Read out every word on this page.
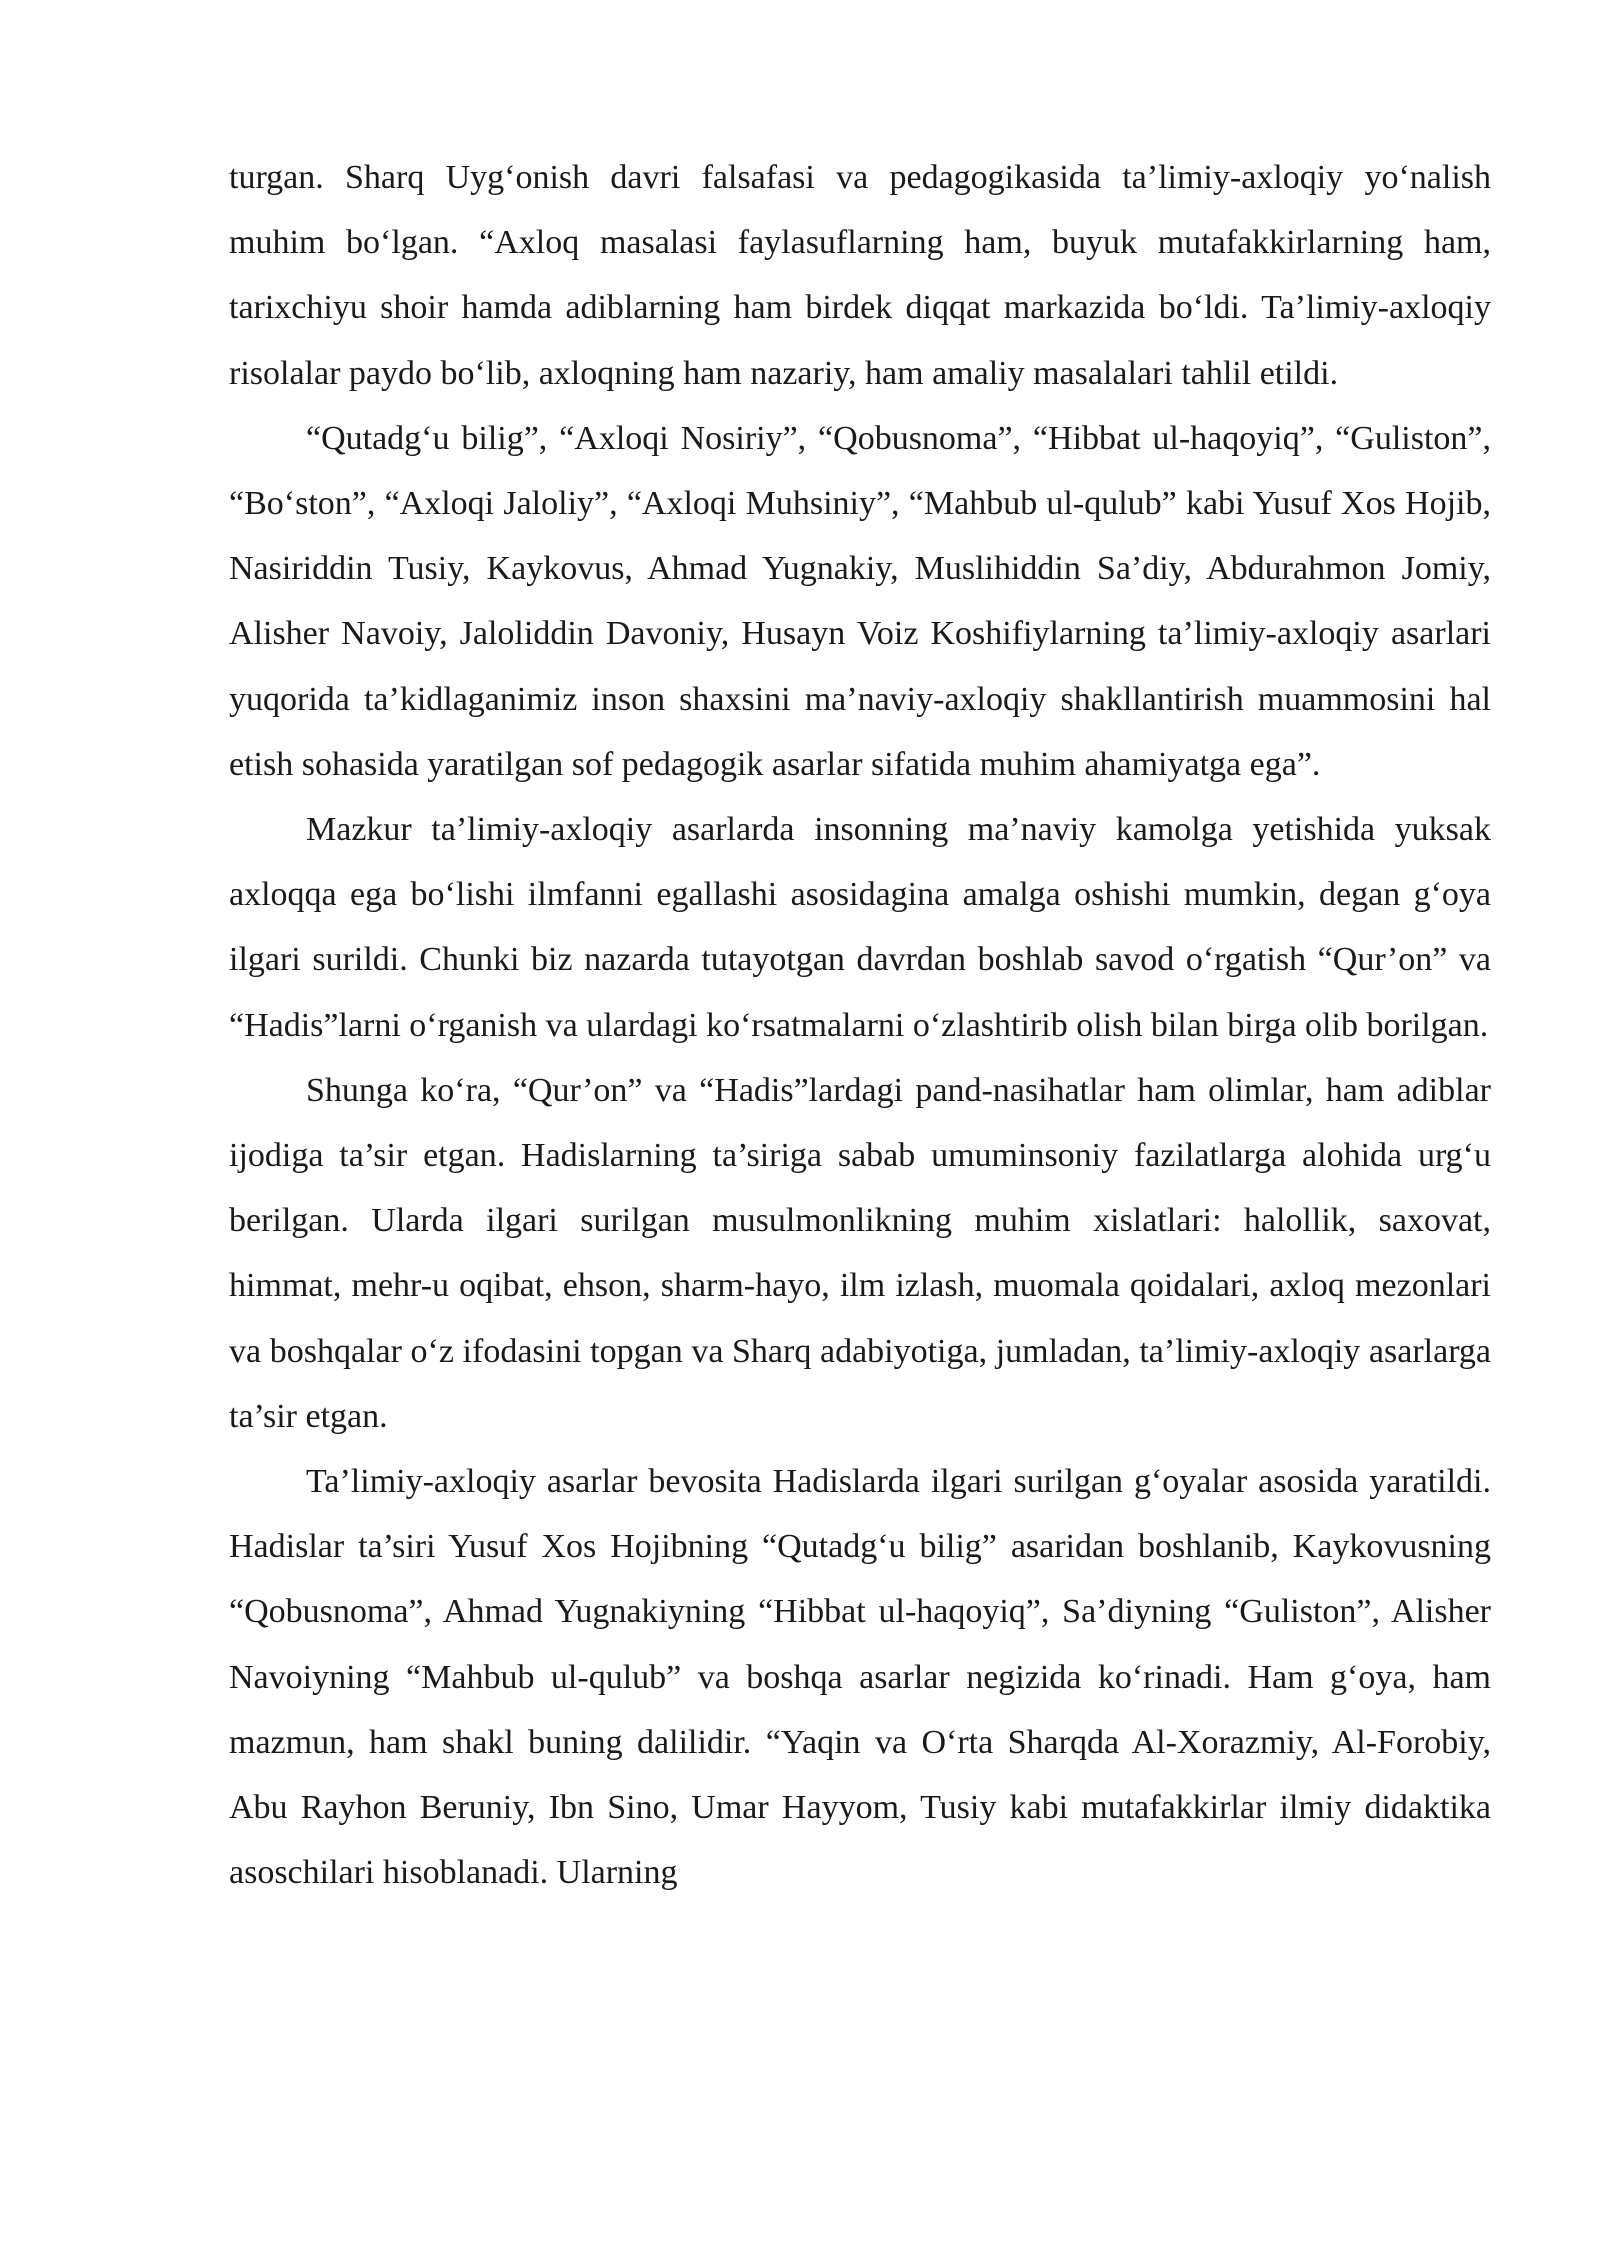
turgan. Sharq Uyg‘onish davri falsafasi va pedagogikasida ta’limiy-axloqiy yo‘nalish muhim bo‘lgan. “Axloq masalasi faylasuflarning ham, buyuk mutafakkirlarning ham, tarixchiyu shoir hamda adiblarning ham birdek diqqat markazida bo‘ldi. Ta’limiy-axloqiy risolalar paydo bo‘lib, axloqning ham nazariy, ham amaliy masalalari tahlil etildi.

“Qutadg‘u bilig”, “Axloqi Nosiriy”, “Qobusnoma”, “Hibbat ul-haqoyiq”, “Guliston”, “Bo‘ston”, “Axloqi Jaloliy”, “Axloqi Muhsiniy”, “Mahbub ul-qulub” kabi Yusuf Xos Hojib, Nasiriddin Tusiy, Kaykovus, Ahmad Yugnakiy, Muslihiddin Sa’diy, Abdurahmon Jomiy, Alisher Navoiy, Jaloliddin Davoniy, Husayn Voiz Koshifiylarning ta’limiy-axloqiy asarlari yuqorida ta’kidlaganimiz inson shaxsini ma’naviy-axloqiy shakllantirish muammosini hal etish sohasida yaratilgan sof pedagogik asarlar sifatida muhim ahamiyatga ega”.

Mazkur ta’limiy-axloqiy asarlarda insonning ma’naviy kamolga yetishida yuksak axloqqa ega bo‘lishi ilmfanni egallashi asosidagina amalga oshishi mumkin, degan g‘oya ilgari surildi. Chunki biz nazarda tutayotgan davrdan boshlab savod o‘rgatish “Qur’on” va “Hadis”larni o‘rganish va ulardagi ko‘rsatmalarni o‘zlashtirib olish bilan birga olib borilgan.

Shunga ko‘ra, “Qur’on” va “Hadis”lardagi pand-nasihatlar ham olimlar, ham adiblar ijodiga ta’sir etgan. Hadislarning ta’siriga sabab umuminsoniy fazilatlarga alohida urg‘u berilgan. Ularda ilgari surilgan musulmonlikning muhim xislatlari: halollik, saxovat, himmat, mehr-u oqibat, ehson, sharm-hayo, ilm izlash, muomala qoidalari, axloq mezonlari va boshqalar o‘z ifodasini topgan va Sharq adabiyotiga, jumladan, ta’limiy-axloqiy asarlarga ta’sir etgan.

Ta’limiy-axloqiy asarlar bevosita Hadislarda ilgari surilgan g‘oyalar asosida yaratildi. Hadislar ta’siri Yusuf Xos Hojibning “Qutadg‘u bilig” asaridan boshlanib, Kaykovusning “Qobusnoma”, Ahmad Yugnakiyning “Hibbat ul-haqoyiq”, Sa’diyning “Guliston”, Alisher Navoiyning “Mahbub ul-qulub” va boshqa asarlar negizida ko‘rinadi. Ham g‘oya, ham mazmun, ham shakl buning dalilidir. “Yaqin va O‘rta Sharqda Al-Xorazmiy, Al-Forobiy, Abu Rayhon Beruniy, Ibn Sino, Umar Hayyom, Tusiy kabi mutafakkirlar ilmiy didaktika asoschilari hisoblanadi. Ularning
